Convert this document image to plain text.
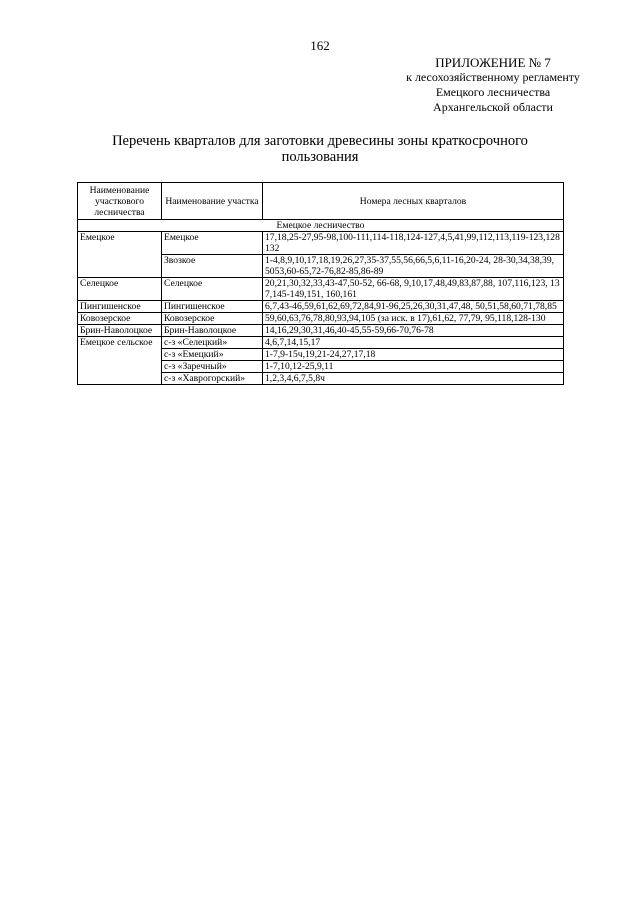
162
ПРИЛОЖЕНИЕ № 7
к лесохозяйственному регламенту
Емецкого лесничества
Архангельской области
Перечень кварталов для заготовки древесины зоны краткосрочного пользования
Наименование участкового лесничества	Наименование участка	Номера лесных кварталов
Емецкое лесничество		
Емецкое	Емецкое	17,18,25-27,95-98,100-111,114-118,124-127,4,5,41,99,112,113,119-123,128 132
	Звозкое	1-4,8,9,10,17,18,19,26,27,35-37,55,56,66,5,6,11-16,20-24, 28-30,34,38,39, 5053,60-65,72-76,82-85,86-89
Селецкое	Селецкое	20,21,30,32,33,43-47,50-52, 66-68, 9,10,17,48,49,83,87,88, 107,116,123, 137,145-149,151, 160,161
Пингишенское	Пингишенское	6,7,43-46,59,61,62,69,72,84,91-96,25,26,30,31,47,48, 50,51,58,60,71,78,85
Ковозерское	Ковозерское	59,60,63,76,78,80,93,94,105 (за иск. в 17),61,62, 77,79, 95,118,128-130
Брин-Наволоцкое	Брин-Наволоцкое	14,16,29,30,31,46,40-45,55-59,66-70,76-78
Емецкое сельское	с-з «Селецкий»	4,6,7,14,15,17
	с-з «Емецкий»	1-7,9-15ч,19,21-24,27,17,18
	с-з «Заречный»	1-7,10,12-25,9,11
	с-з «Хаврогорский»	1,2,3,4,6,7,5,8ч
